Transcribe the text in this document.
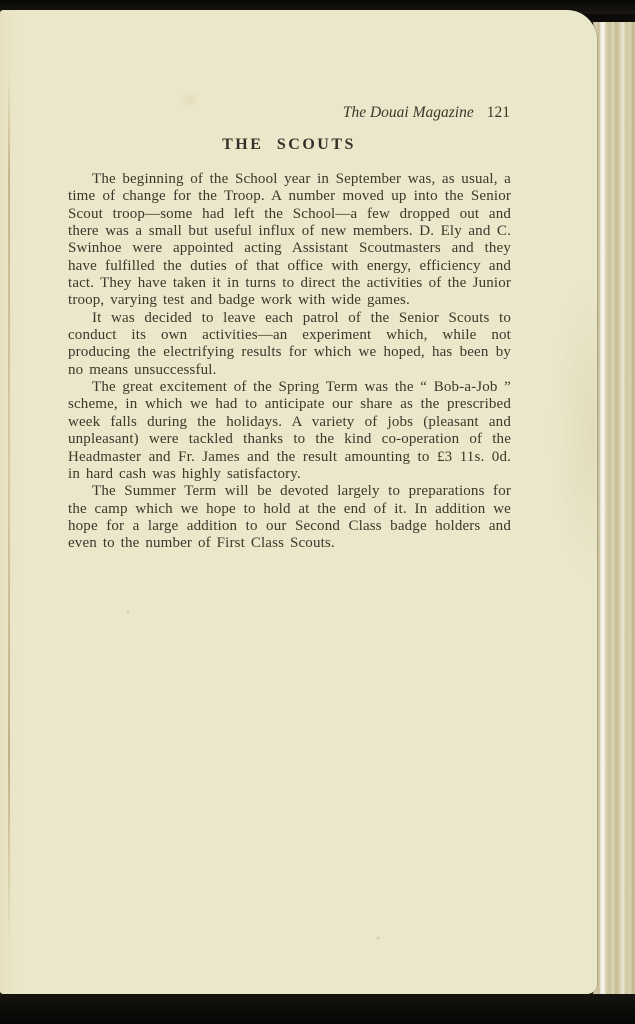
The Douai Magazine 121
THE SCOUTS

The beginning of the School year in September was, as usual, a time of change for the Troop. A number moved up into the Senior Scout troop—some had left the School—a few dropped out and there was a small but useful influx of new members. D. Ely and C. Swinhoe were appointed acting Assistant Scoutmasters and they have fulfilled the duties of that office with energy, efficiency and tact. They have taken it in turns to direct the activities of the Junior troop, varying test and badge work with wide games.

It was decided to leave each patrol of the Senior Scouts to conduct its own activities—an experiment which, while not producing the electrifying results for which we hoped, has been by no means unsuccessful.

The great excitement of the Spring Term was the “ Bob-a-Job ” scheme, in which we had to anticipate our share as the prescribed week falls during the holidays. A variety of jobs (pleasant and unpleasant) were tackled thanks to the kind co-operation of the Headmaster and Fr. James and the result amounting to £3 11s. 0d. in hard cash was highly satisfactory.

The Summer Term will be devoted largely to preparations for the camp which we hope to hold at the end of it. In addition we hope for a large addition to our Second Class badge holders and even to the number of First Class Scouts.
